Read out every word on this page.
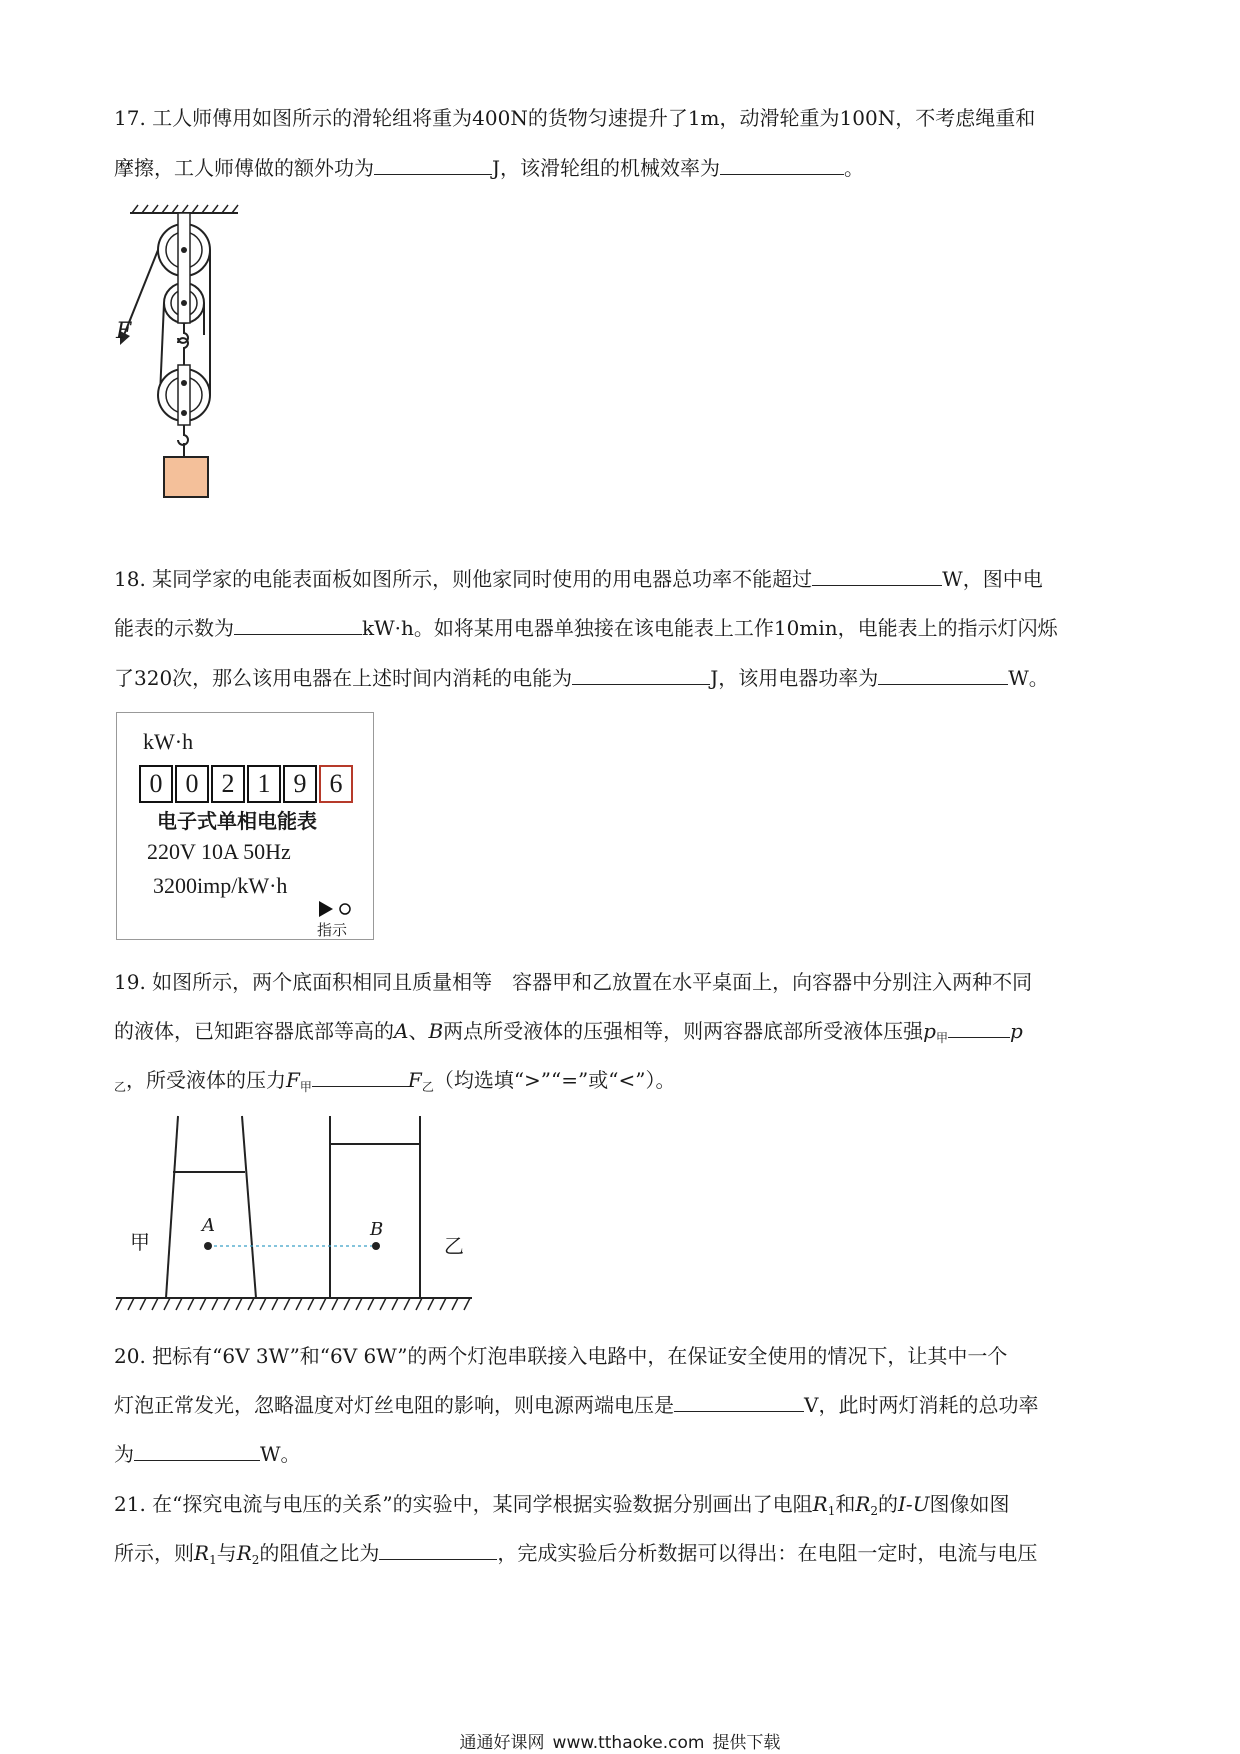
17. 工人师傅用如图所示的滑轮组将重为400N的货物匀速提升了1m，动滑轮重为100N，不考虑绳重和
摩擦，工人师傅做的额外功为	J，该滑轮组的机械效率为	。
F
18. 某同学家的电能表面板如图所示，则他家同时使用的用电器总功率不能超过	W，图中电
能表的示数为	kW·h。如将某用电器单独接在该电能表上工作10min，电能表上的指示灯闪烁
了320次，那么该用电器在上述时间内消耗的电能为	J，该用电器功率为	W。
kW·h
0 0 2 1 9 6
电子式单相电能表
220V 10A 50Hz
3200imp/kW·h
指示
19. 如图所示，两个底面积相同且质量相等　容器甲和乙放置在水平桌面上，向容器中分别注入两种不同
的液体，已知距容器底部等高的A、B两点所受液体的压强相等，则两容器底部所受液体压强$p_甲$	p
$_乙$，所受液体的压力$F_甲$	$F_乙$（均选填“>”“=”或“<”）。
甲	乙
A	B
20. 把标有“6V 3W”和“6V 6W”的两个灯泡串联接入电路中，在保证安全使用的情况下，让其中一个
灯泡正常发光，忽略温度对灯丝电阻的影响，则电源两端电压是	V，此时两灯消耗的总功率
为	W。
21. 在“探究电流与电压的关系”的实验中，某同学根据实验数据分别画出了电阻$R_1$和$R_2$的I-U图像如图
所示，则$R_1$与$R_2$的阻值之比为	，完成实验后分析数据可以得出：在电阻一定时，电流与电压
通通好课网 www.tthaoke.com 提供下载
